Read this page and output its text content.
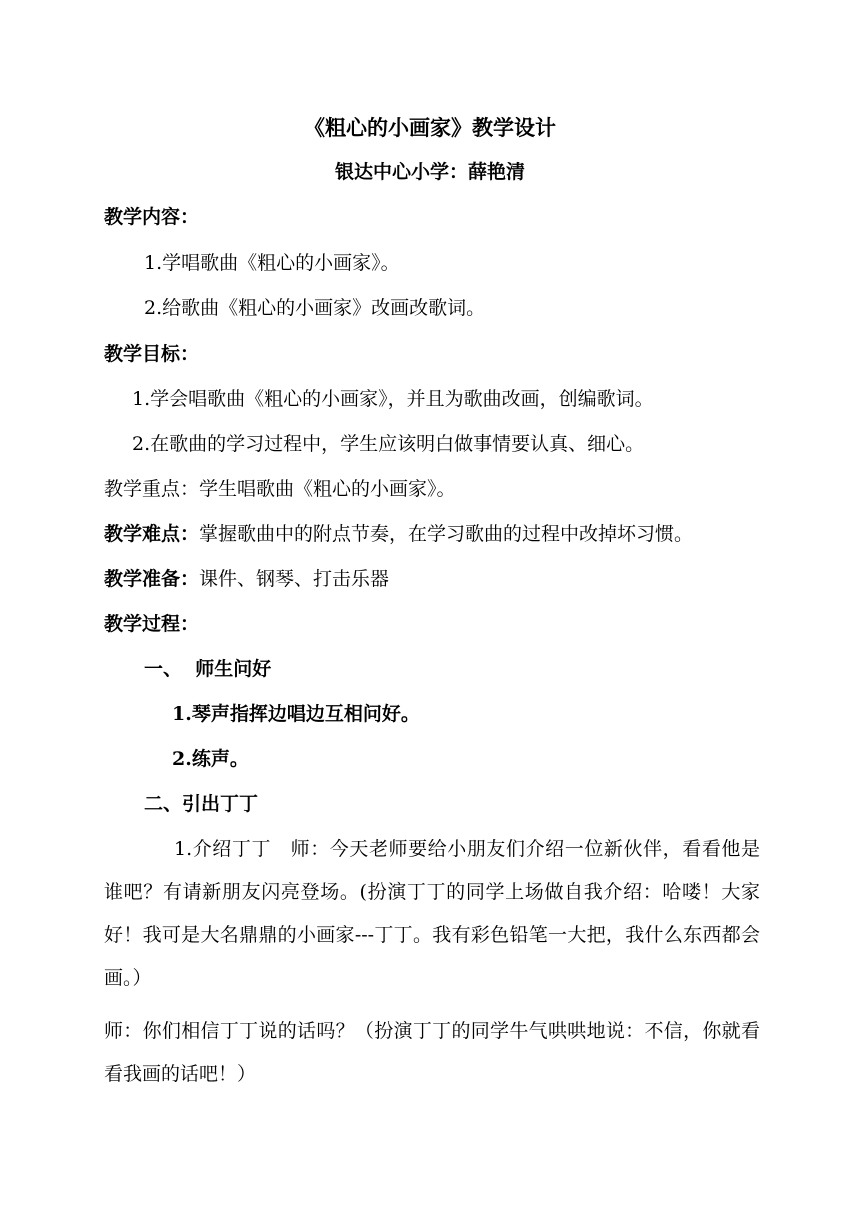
《粗心的小画家》教学设计

银达中心小学：薛艳清

教学内容：

1.学唱歌曲《粗心的小画家》。

2.给歌曲《粗心的小画家》改画改歌词。

教学目标：

1.学会唱歌曲《粗心的小画家》，并且为歌曲改画，创编歌词。

2.在歌曲的学习过程中，学生应该明白做事情要认真、细心。

教学重点：学生唱歌曲《粗心的小画家》。

教学难点：掌握歌曲中的附点节奏，在学习歌曲的过程中改掉坏习惯。

教学准备：课件、钢琴、打击乐器

教学过程：

一、  师生问好

1.琴声指挥边唱边互相问好。

2.练声。

二、引出丁丁

1.介绍丁丁　师：今天老师要给小朋友们介绍一位新伙伴，看看他是谁吧？有请新朋友闪亮登场。(扮演丁丁的同学上场做自我介绍：哈喽！大家好！我可是大名鼎鼎的小画家---丁丁。我有彩色铅笔一大把，我什么东西都会画。）

师：你们相信丁丁说的话吗？（扮演丁丁的同学牛气哄哄地说：不信，你就看看我画的话吧！）
